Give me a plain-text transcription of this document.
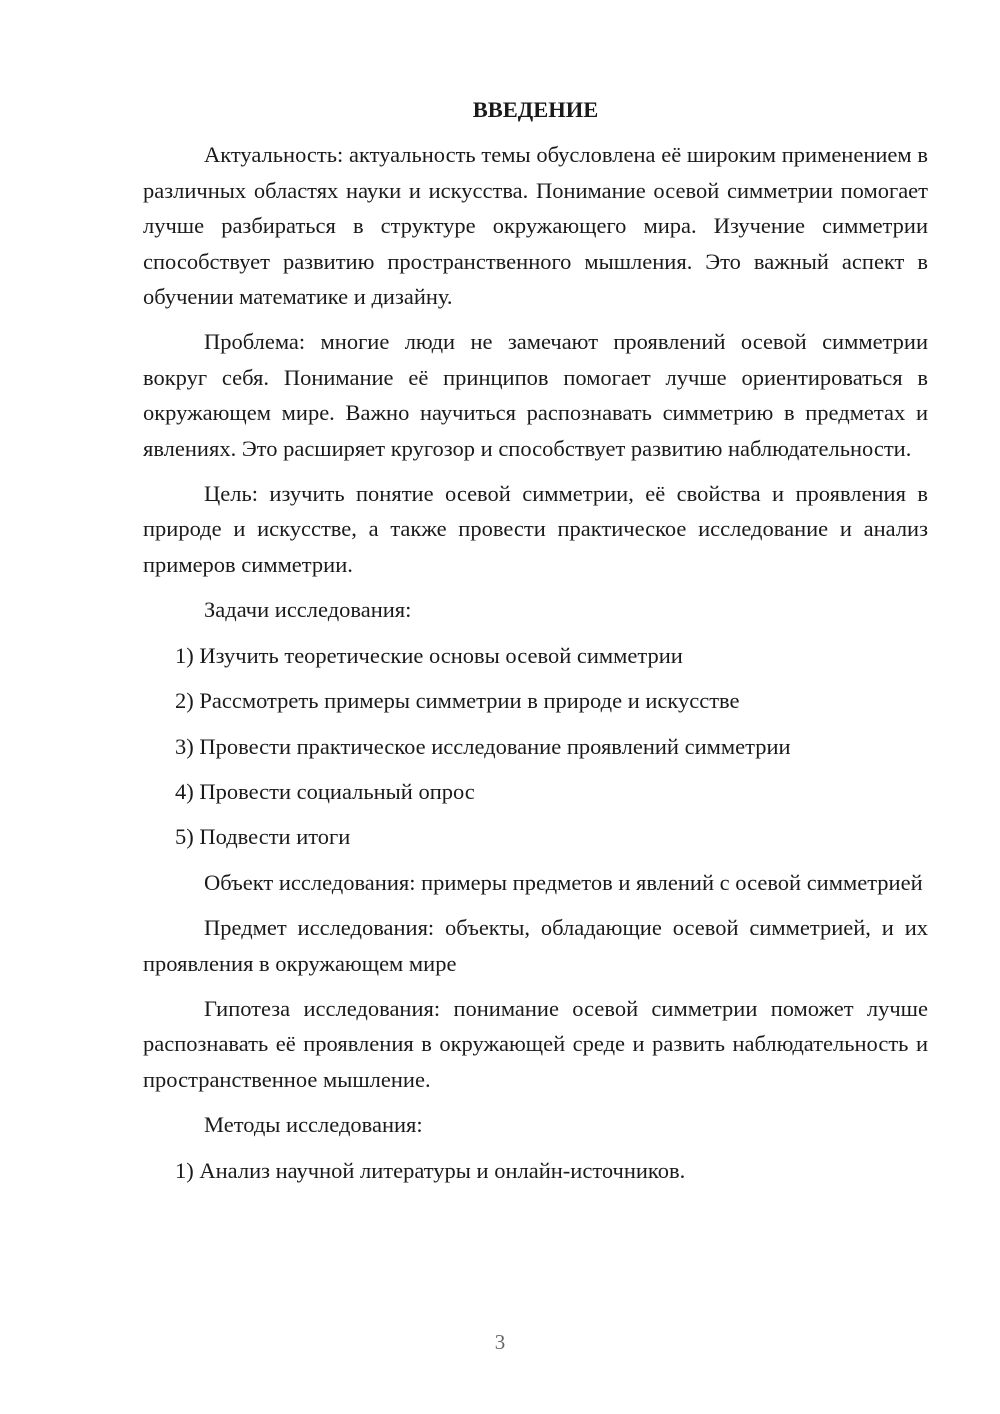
ВВЕДЕНИЕ

Актуальность: актуальность темы обусловлена её широким применением в различных областях науки и искусства. Понимание осевой симметрии помогает лучше разбираться в структуре окружающего мира. Изучение симметрии способствует развитию пространственного мышления. Это важный аспект в обучении математике и дизайну.

Проблема: многие люди не замечают проявлений осевой симметрии вокруг себя. Понимание её принципов помогает лучше ориентироваться в окружающем мире. Важно научиться распознавать симметрию в предметах и явлениях. Это расширяет кругозор и способствует развитию наблюдательности.

Цель: изучить понятие осевой симметрии, её свойства и проявления в природе и искусстве, а также провести практическое исследование и анализ примеров симметрии.

Задачи исследования:

1) Изучить теоретические основы осевой симметрии

2) Рассмотреть примеры симметрии в природе и искусстве

3) Провести практическое исследование проявлений симметрии

4) Провести социальный опрос

5) Подвести итоги

Объект исследования: примеры предметов и явлений с осевой симметрией

Предмет исследования: объекты, обладающие осевой симметрией, и их проявления в окружающем мире

Гипотеза исследования: понимание осевой симметрии поможет лучше распознавать её проявления в окружающей среде и развить наблюдательность и пространственное мышление.

Методы исследования:

1) Анализ научной литературы и онлайн-источников.

3
